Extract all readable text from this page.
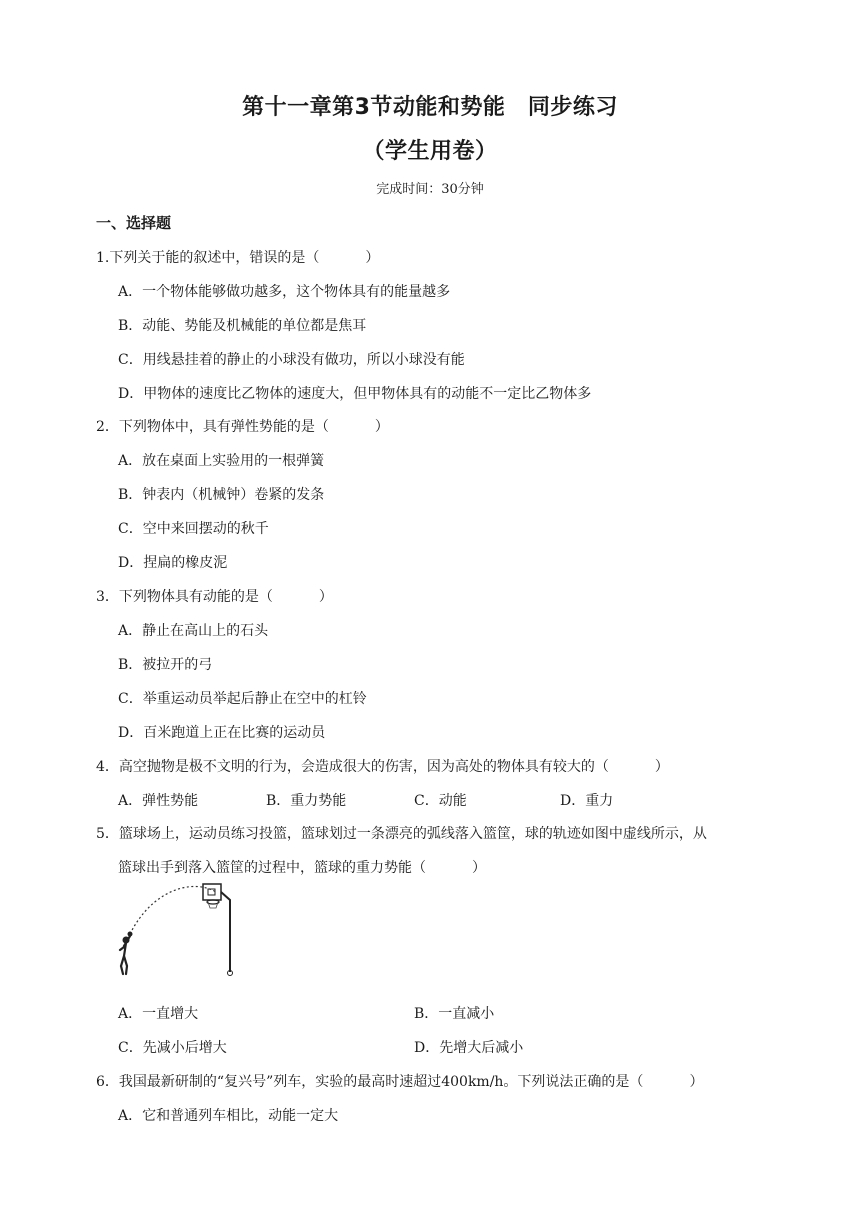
第十一章第3节动能和势能　同步练习
（学生用卷）
完成时间：30分钟
一、选择题
1.下列关于能的叙述中，错误的是（	）
A．一个物体能够做功越多，这个物体具有的能量越多
B．动能、势能及机械能的单位都是焦耳
C．用线悬挂着的静止的小球没有做功，所以小球没有能
D．甲物体的速度比乙物体的速度大，但甲物体具有的动能不一定比乙物体多
2．下列物体中，具有弹性势能的是（	）
A．放在桌面上实验用的一根弹簧
B．钟表内（机械钟）卷紧的发条
C．空中来回摆动的秋千
D．捏扁的橡皮泥
3．下列物体具有动能的是（	）
A．静止在高山上的石头
B．被拉开的弓
C．举重运动员举起后静止在空中的杠铃
D．百米跑道上正在比赛的运动员
4．高空抛物是极不文明的行为，会造成很大的伤害，因为高处的物体具有较大的（	）
A．弹性势能	B．重力势能	C．动能	D．重力
5．篮球场上，运动员练习投篮，篮球划过一条漂亮的弧线落入篮筐，球的轨迹如图中虚线所示，从
篮球出手到落入篮筐的过程中，篮球的重力势能（	）
A．一直增大	B．一直减小
C．先减小后增大	D．先增大后减小
6．我国最新研制的“复兴号”列车，实验的最高时速超过400km/h。下列说法正确的是（	）
A．它和普通列车相比，动能一定大
